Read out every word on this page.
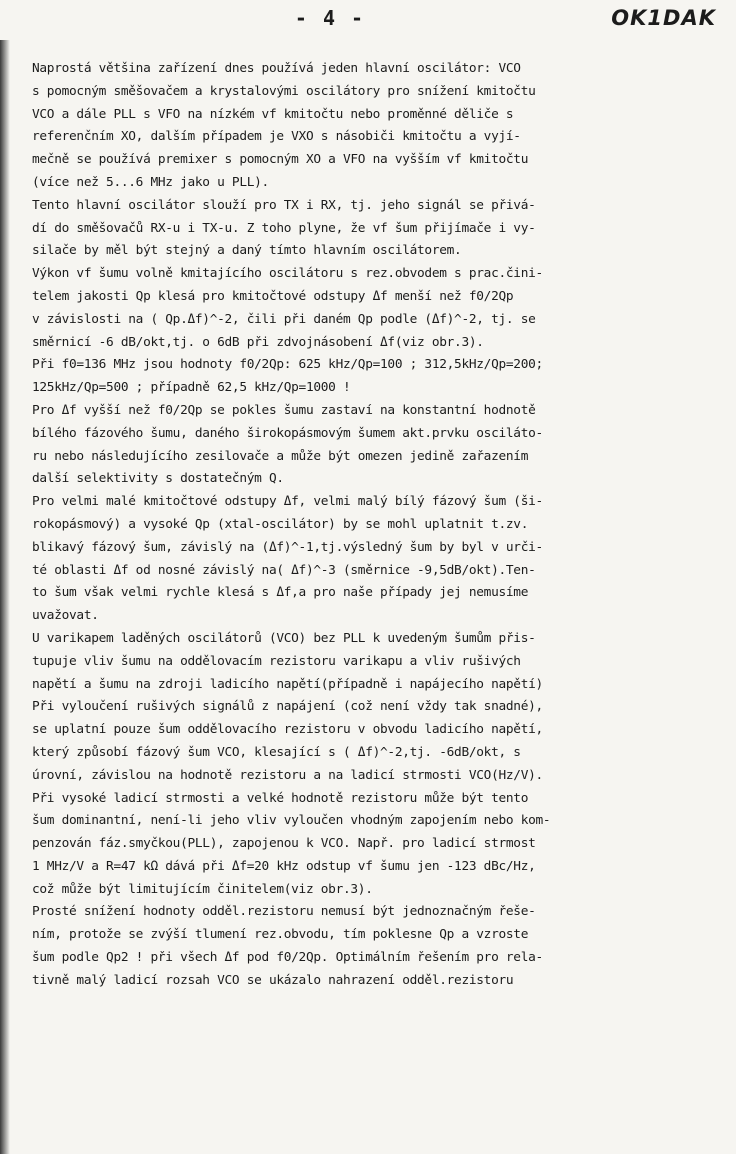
- 4 -	OK1DAK
Naprostá většina zařízení dnes používá jeden hlavní oscilátor: VCO
s pomocným směšovačem a krystalovými oscilátory pro snížení kmitočtu
VCO a dále PLL s VFO na nízkém vf kmitočtu nebo proměnné děliče s
referenčním XO, dalším případem je VXO s násobiči kmitočtu a vyjí-
mečně se používá premixer s pomocným XO a VFO na vyšším vf kmitočtu
(více než 5...6 MHz jako u PLL).
Tento hlavní oscilátor slouží pro TX i RX, tj. jeho signál se přivá-
dí do směšovačů RX-u i TX-u. Z toho plyne, že vf šum přijímače i vy-
silače by měl být stejný a daný tímto hlavním oscilátorem.
Výkon vf šumu volně kmitajícího oscilátoru s rez.obvodem s prac.čini-
telem jakosti Qp klesá pro kmitočtové odstupy Δf menší než f0/2Qp
v závislosti na ( Qp.Δf)^-2, čili při daném Qp podle (Δf)^-2, tj. se
směrnicí -6 dB/okt,tj. o 6dB při zdvojnásobení Δf(viz obr.3).
Při f0=136 MHz jsou hodnoty f0/2Qp: 625 kHz/Qp=100 ; 312,5kHz/Qp=200;
125kHz/Qp=500 ; případně 62,5 kHz/Qp=1000 !
Pro Δf vyšší než f0/2Qp se pokles šumu zastaví na konstantní hodnotě
bílého fázového šumu, daného širokopásmovým šumem akt.prvku osciláto-
ru nebo následujícího zesilovače a může být omezen jedině zařazením
další selektivity s dostatečným Q.
Pro velmi malé kmitočtové odstupy Δf, velmi malý bílý fázový šum (ši-
rokopásmový) a vysoké Qp (xtal-oscilátor) by se mohl uplatnit t.zv.
blikavý fázový šum, závislý na (Δf)^-1,tj.výsledný šum by byl v urči-
té oblasti Δf od nosné závislý na( Δf)^-3 (směrnice -9,5dB/okt).Ten-
to šum však velmi rychle klesá s Δf,a pro naše případy jej nemusíme
uvažovat.
U varikapem laděných oscilátorů (VCO) bez PLL k uvedeným šumům přis-
tupuje vliv šumu na oddělovacím rezistoru varikapu a vliv rušivých
napětí a šumu na zdroji ladicího napětí(případně i napájecího napětí)
Při vyloučení rušivých signálů z napájení (což není vždy tak snadné),
se uplatní pouze šum oddělovacího rezistoru v obvodu ladicího napětí,
který způsobí fázový šum VCO, klesající s ( Δf)^-2,tj. -6dB/okt, s
úrovní, závislou na hodnotě rezistoru a na ladicí strmosti VCO(Hz/V).
Při vysoké ladicí strmosti a velké hodnotě rezistoru může být tento
šum dominantní, není-li jeho vliv vyloučen vhodným zapojením nebo kom-
penzován fáz.smyčkou(PLL), zapojenou k VCO. Např. pro ladicí strmost
1 MHz/V a R=47 kΩ dává při Δf=20 kHz odstup vf šumu jen -123 dBc/Hz,
což může být limitujícím činitelem(viz obr.3).
Prosté snížení hodnoty odděl.rezistoru nemusí být jednoznačným řeše-
ním, protože se zvýší tlumení rez.obvodu, tím poklesne Qp a vzroste
šum podle Qp2 ! při všech Δf pod f0/2Qp. Optimálním řešením pro rela-
tivně malý ladicí rozsah VCO se ukázalo nahrazení odděl.rezistoru
